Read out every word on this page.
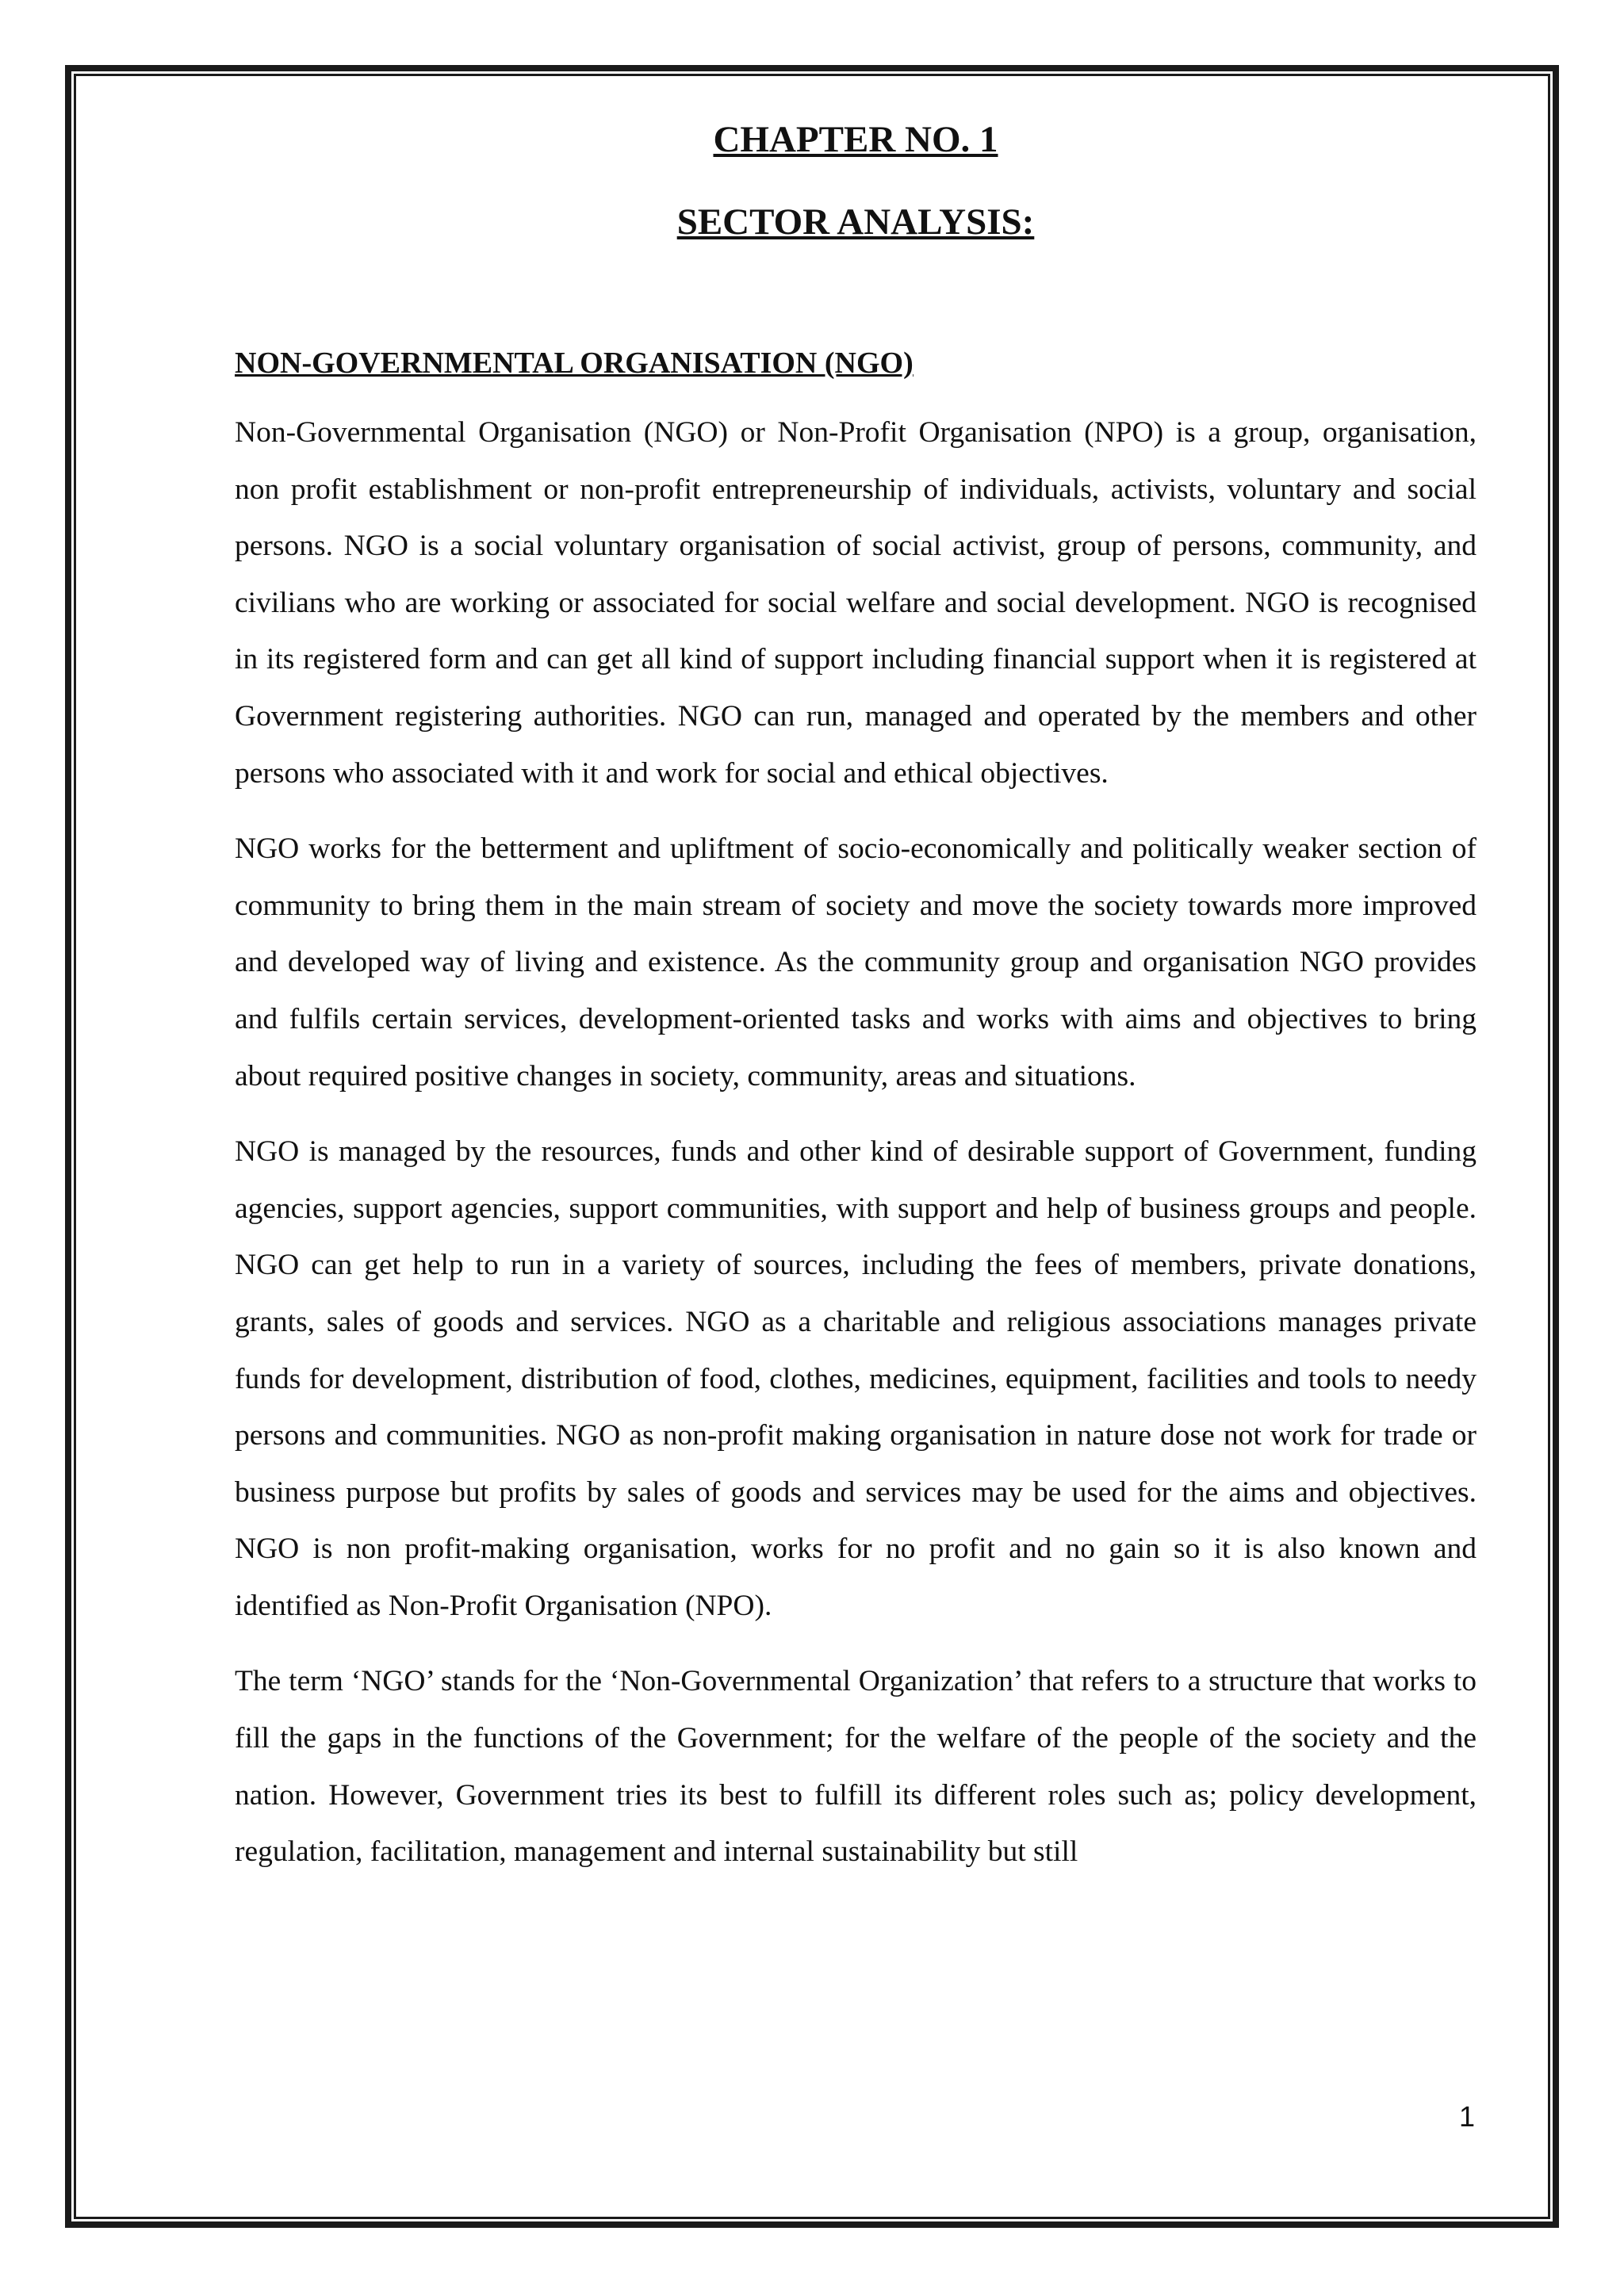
CHAPTER NO. 1
SECTOR ANALYSIS:
NON-GOVERNMENTAL ORGANISATION (NGO)

Non-Governmental Organisation (NGO) or Non-Profit Organisation (NPO) is a group, organisation, non profit establishment or non-profit entrepreneurship of individuals, activists, voluntary and social persons. NGO is a social voluntary organisation of social activist, group of persons, community, and civilians who are working or associated for social welfare and social development. NGO is recognised in its registered form and can get all kind of support including financial support when it is registered at Government registering authorities. NGO can run, managed and operated by the members and other persons who associated with it and work for social and ethical objectives.

NGO works for the betterment and upliftment of socio-economically and politically weaker section of community to bring them in the main stream of society and move the society towards more improved and developed way of living and existence. As the community group and organisation NGO provides and fulfils certain services, development-oriented tasks and works with aims and objectives to bring about required positive changes in society, community, areas and situations.

NGO is managed by the resources, funds and other kind of desirable support of Government, funding agencies, support agencies, support communities, with support and help of business groups and people. NGO can get help to run in a variety of sources, including the fees of members, private donations, grants, sales of goods and services. NGO as a charitable and religious associations manages private funds for development, distribution of food, clothes, medicines, equipment, facilities and tools to needy persons and communities. NGO as non-profit making organisation in nature dose not work for trade or business purpose but profits by sales of goods and services may be used for the aims and objectives. NGO is non profit-making organisation, works for no profit and no gain so it is also known and identified as Non-Profit Organisation (NPO).

The term ‘NGO’ stands for the ‘Non-Governmental Organization’ that refers to a structure that works to fill the gaps in the functions of the Government; for the welfare of the people of the society and the nation. However, Government tries its best to fulfill its different roles such as; policy development, regulation, facilitation, management and internal sustainability but still

1
